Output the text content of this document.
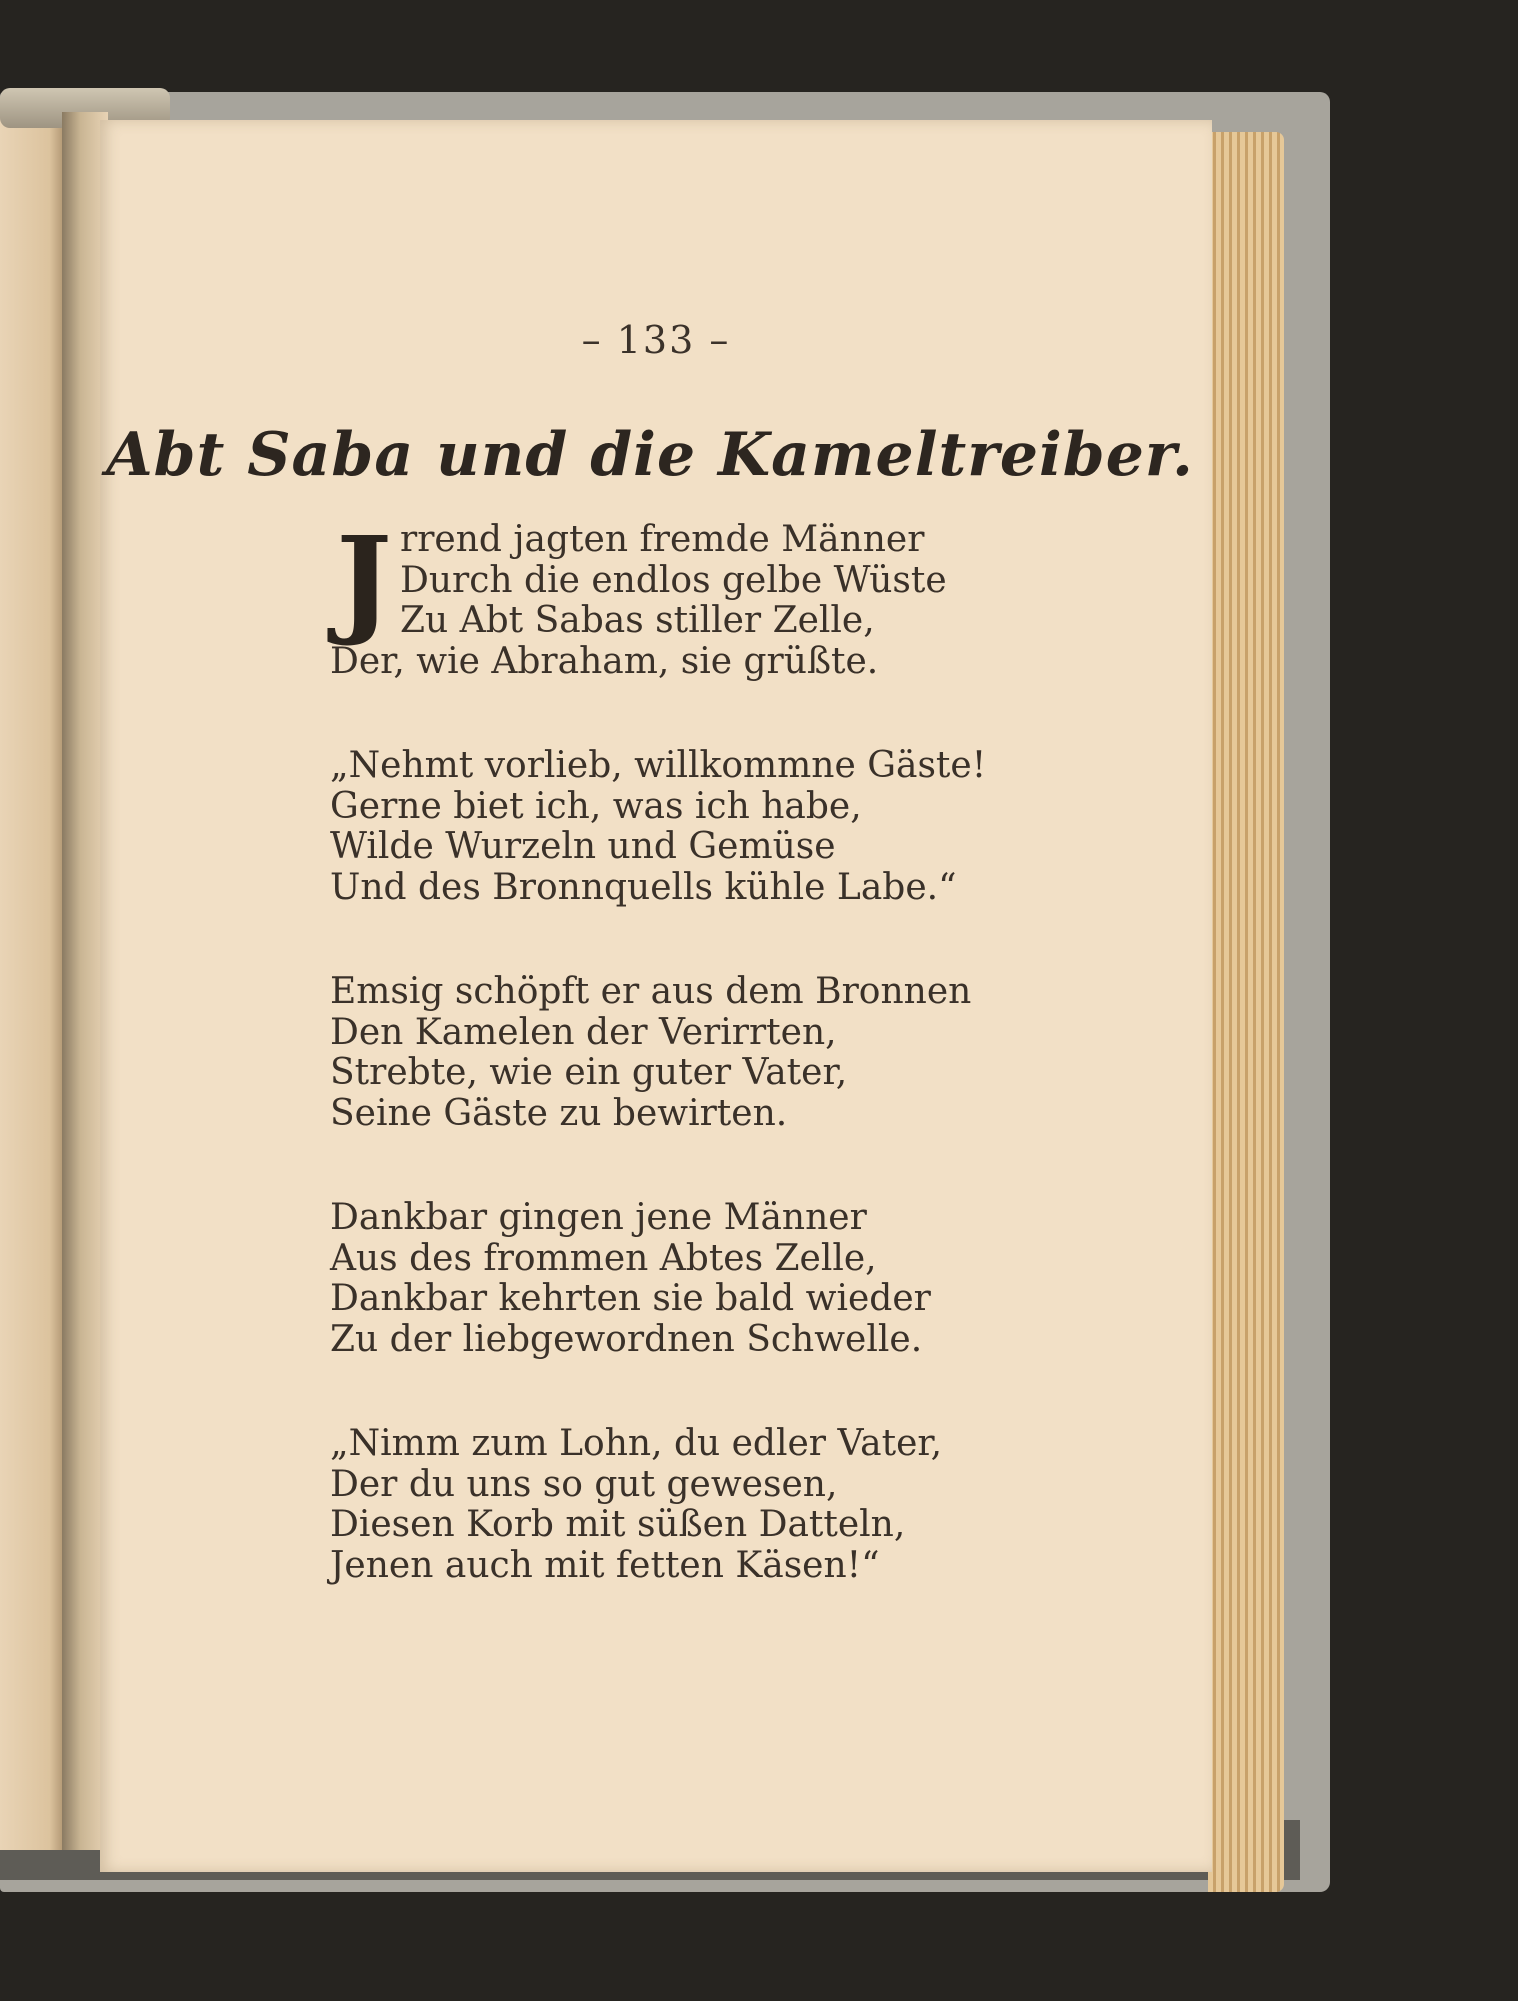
– 133 –
Abt Saba und die Kameltreiber.
J rrend jagten fremde Männer
Durch die endlos gelbe Wüste
Zu Abt Sabas stiller Zelle,
Der, wie Abraham, sie grüßte.
„Nehmt vorlieb, willkommne Gäste!
Gerne biet ich, was ich habe,
Wilde Wurzeln und Gemüse
Und des Bronnquells kühle Labe.“
Emsig schöpft er aus dem Bronnen
Den Kamelen der Verirrten,
Strebte, wie ein guter Vater,
Seine Gäste zu bewirten.
Dankbar gingen jene Männer
Aus des frommen Abtes Zelle,
Dankbar kehrten sie bald wieder
Zu der liebgewordnen Schwelle.
„Nimm zum Lohn, du edler Vater,
Der du uns so gut gewesen,
Diesen Korb mit süßen Datteln,
Jenen auch mit fetten Käsen!“
